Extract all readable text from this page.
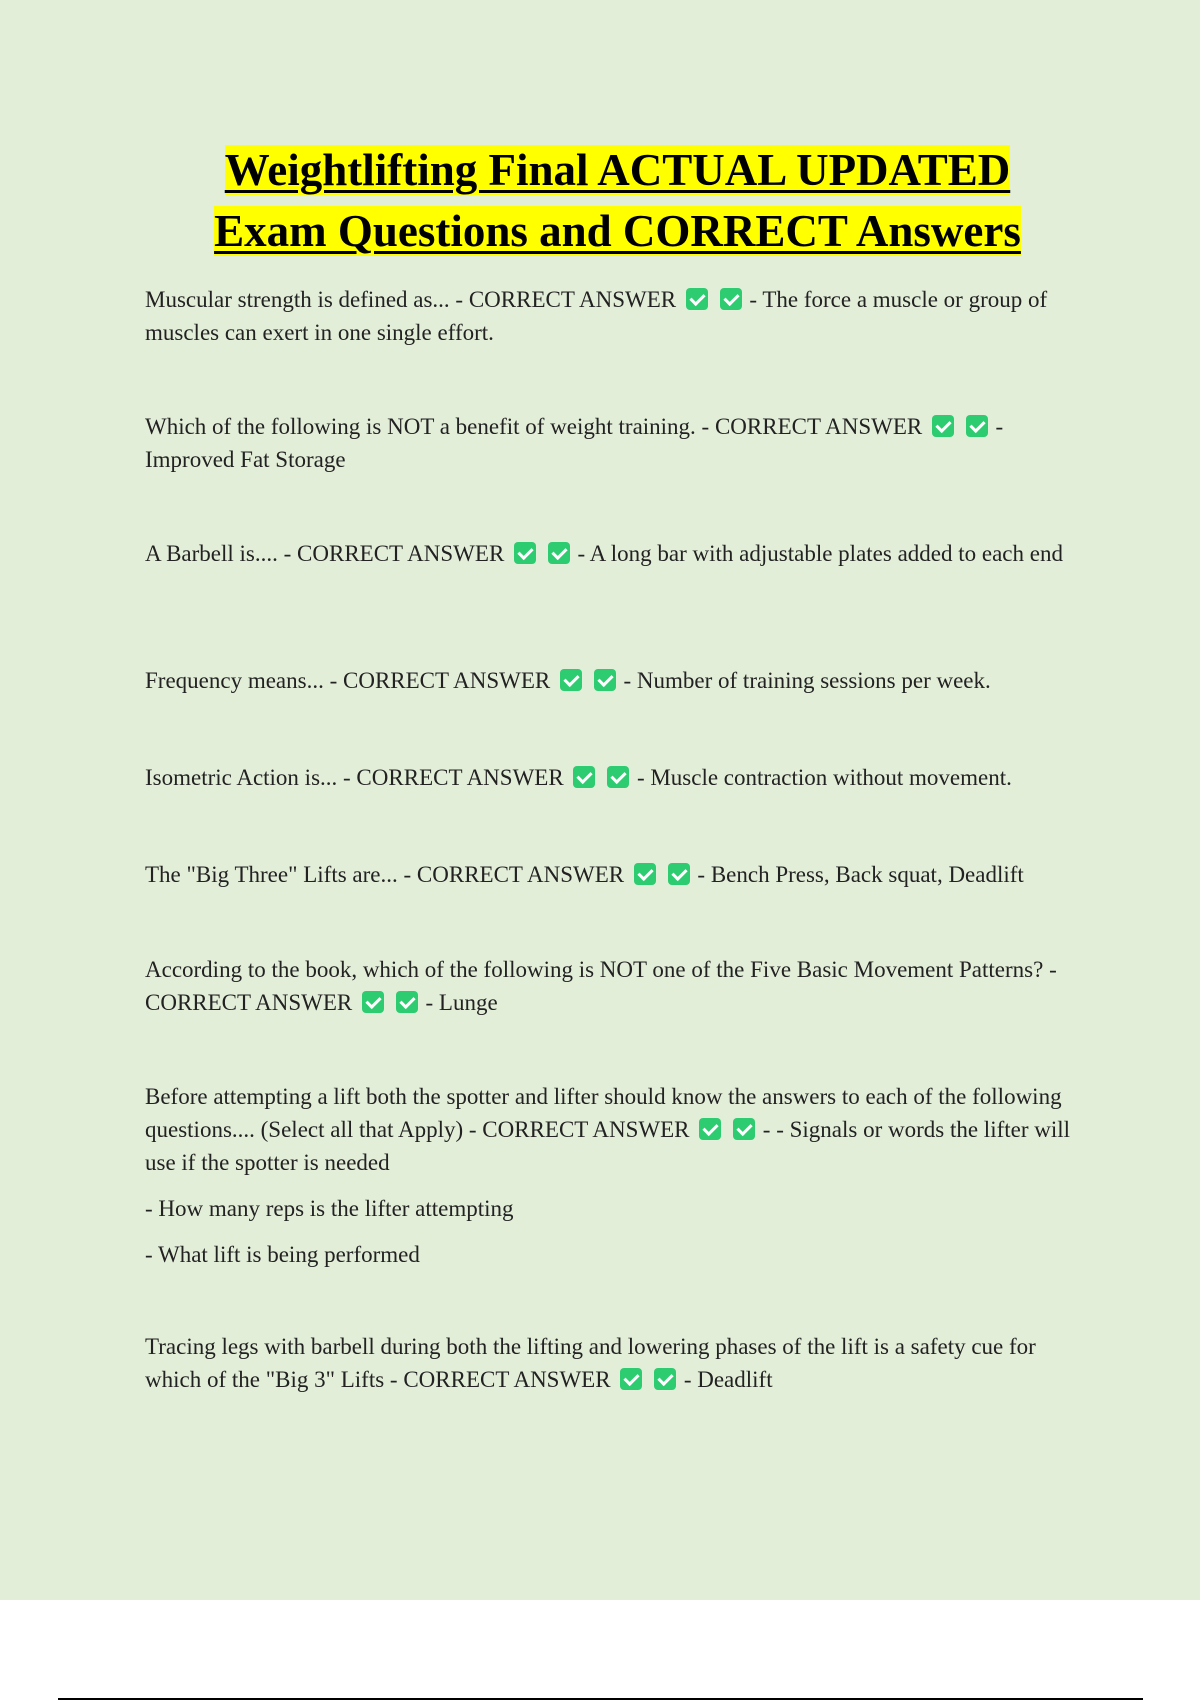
Weightlifting Final ACTUAL UPDATED
Exam Questions and CORRECT Answers

Muscular strength is defined as... - CORRECT ANSWER	- The force a muscle or group of muscles can exert in one single effort.

Which of the following is NOT a benefit of weight training. - CORRECT ANSWER	- Improved Fat Storage

A Barbell is.... - CORRECT ANSWER	- A long bar with adjustable plates added to each end

Frequency means... - CORRECT ANSWER	- Number of training sessions per week.

Isometric Action is... - CORRECT ANSWER	- Muscle contraction without movement.

The "Big Three" Lifts are... - CORRECT ANSWER	- Bench Press, Back squat, Deadlift

According to the book, which of the following is NOT one of the Five Basic Movement Patterns? - CORRECT ANSWER	- Lunge

Before attempting a lift both the spotter and lifter should know the answers to each of the following questions.... (Select all that Apply) - CORRECT ANSWER	- - Signals or words the lifter will use if the spotter is needed

- How many reps is the lifter attempting

- What lift is being performed

Tracing legs with barbell during both the lifting and lowering phases of the lift is a safety cue for which of the "Big 3" Lifts - CORRECT ANSWER	- Deadlift
